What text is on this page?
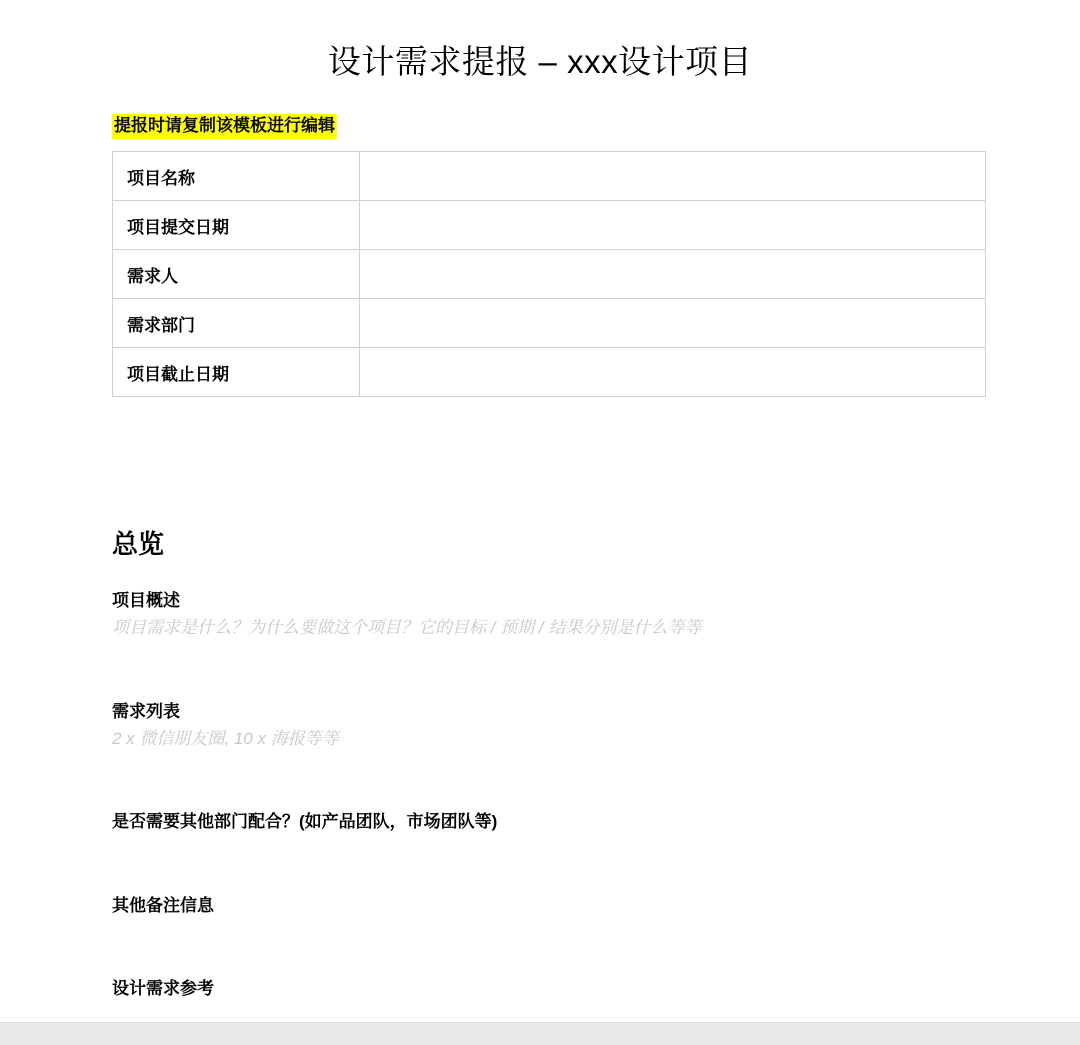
设计需求提报 – xxx设计项目
提报时请复制该模板进行编辑
项目名称	
项目提交日期	
需求人	
需求部门	
项目截止日期	
总览
项目概述
项目需求是什么？为什么要做这个项目？它的目标 / 预期 / 结果分别是什么等等
需求列表
2 x 微信朋友圈, 10 x 海报等等
是否需要其他部门配合？(如产品团队，市场团队等)
其他备注信息
设计需求参考
